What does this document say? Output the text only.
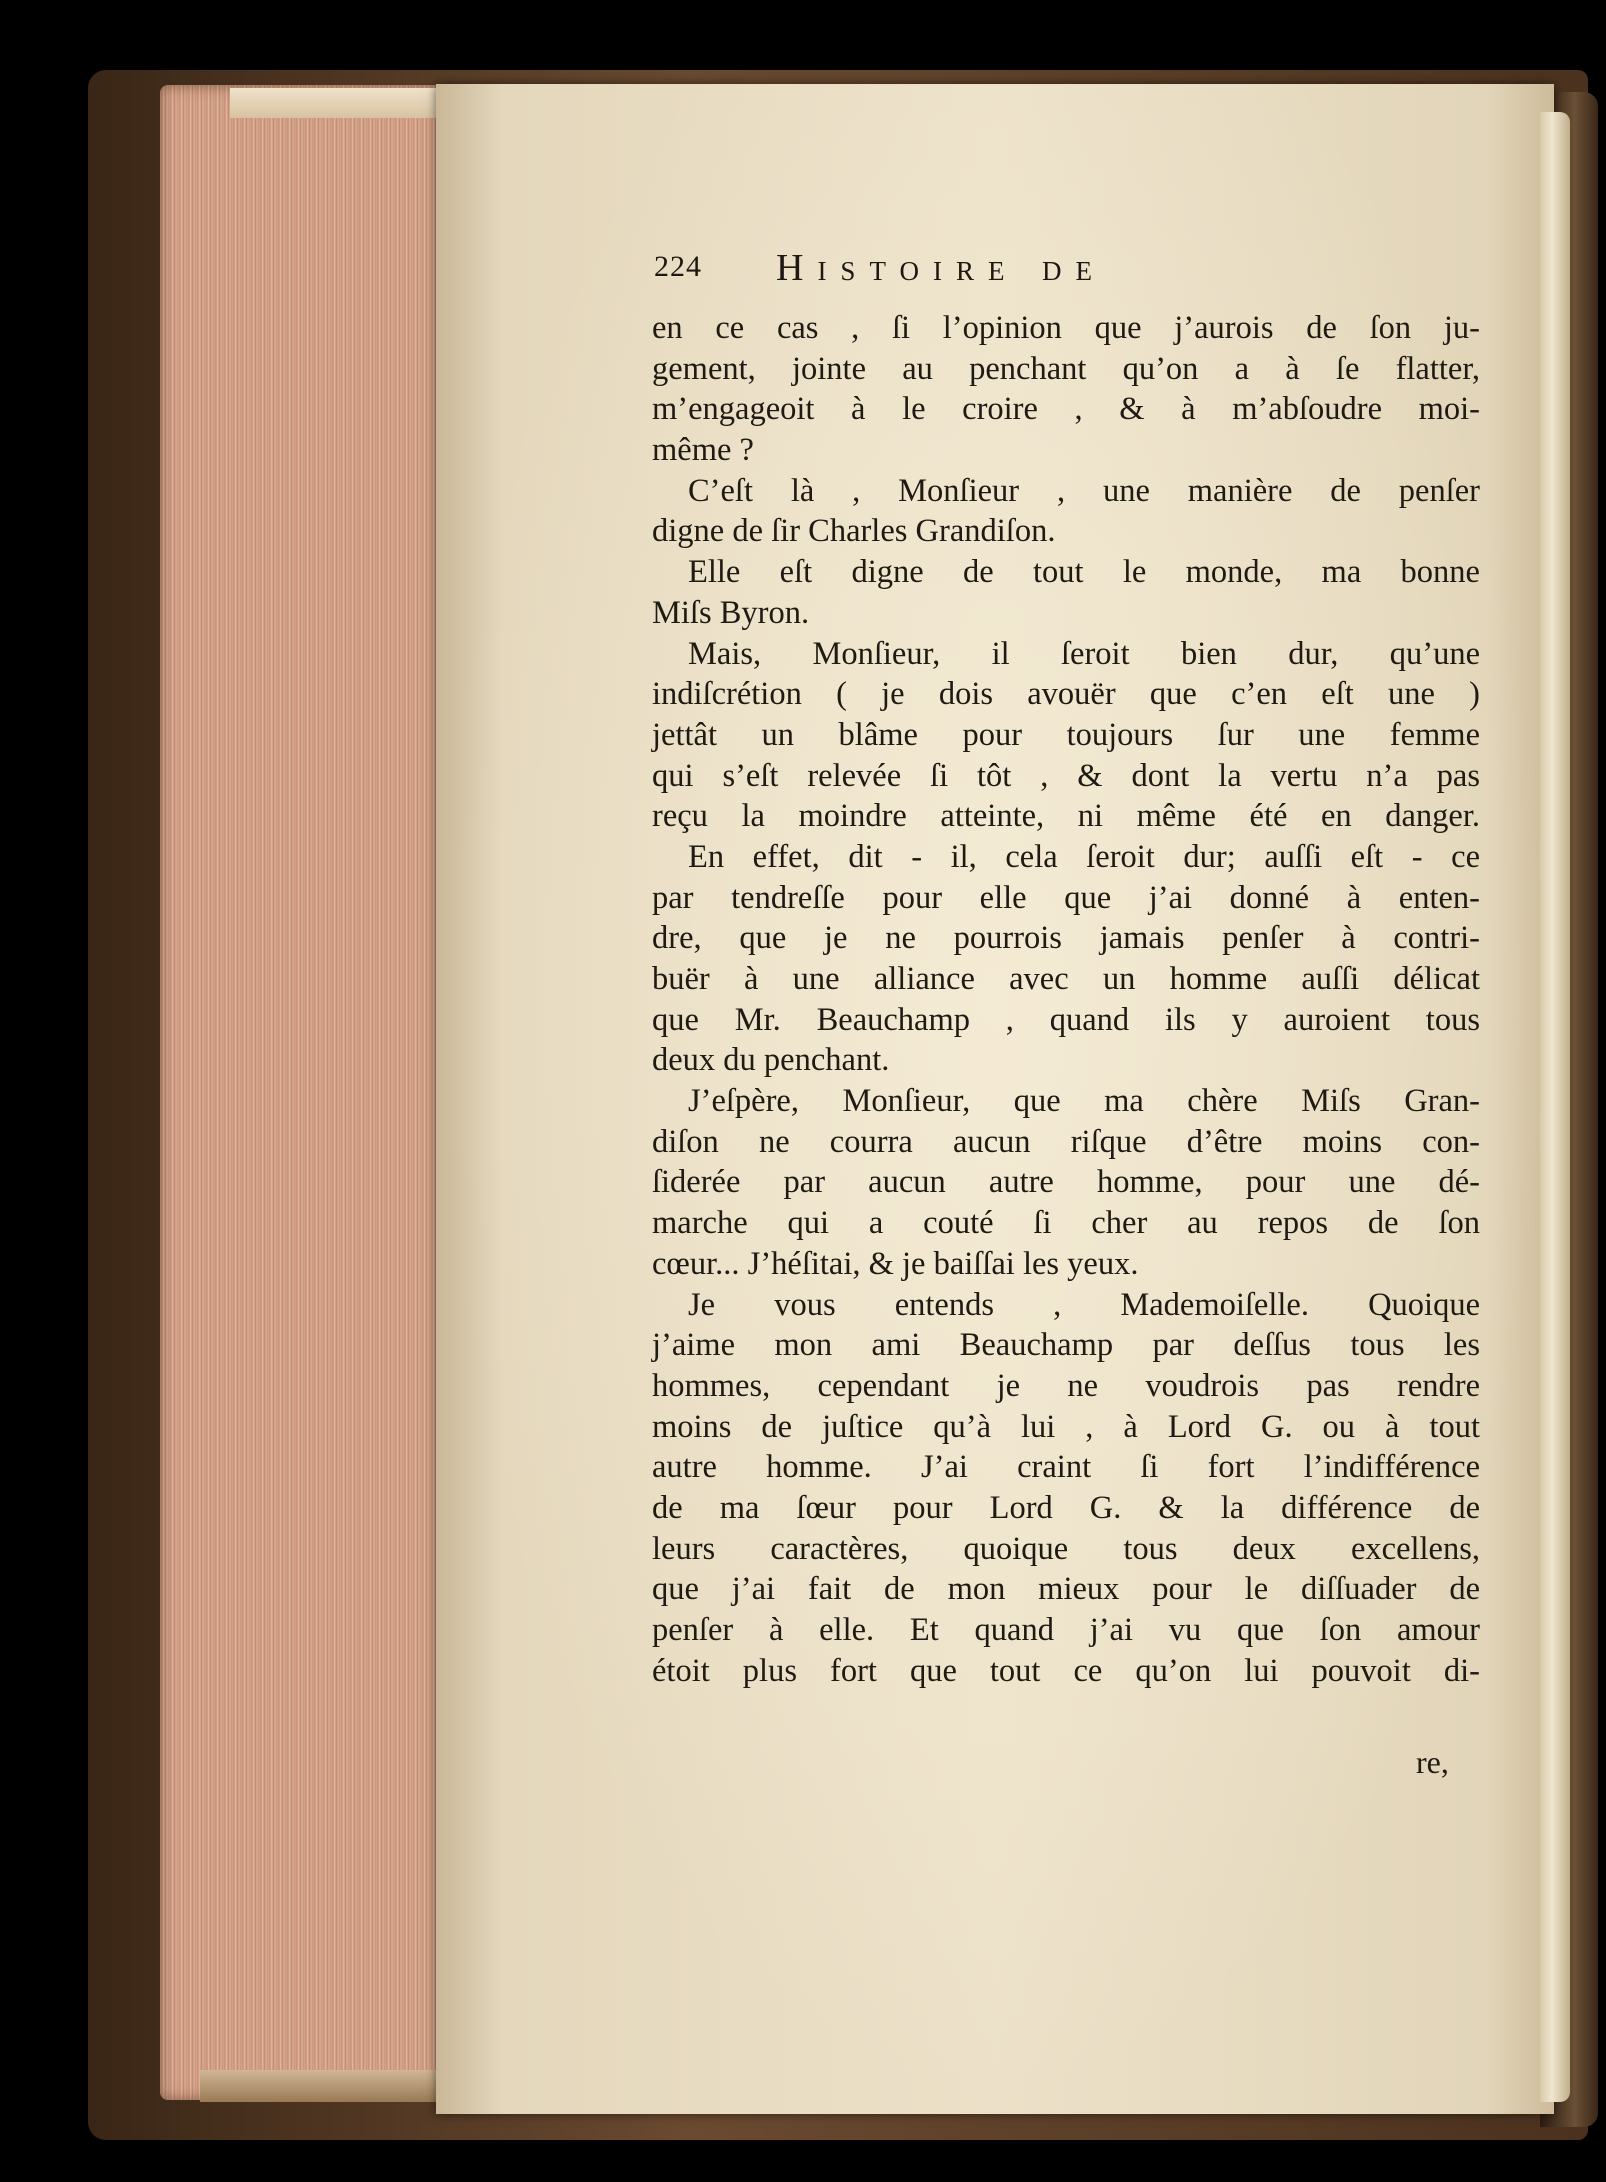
224 Histoire de
en ce cas , ſi l’opinion que j’aurois de ſon ju-
gement, jointe au penchant qu’on a à ſe flatter,
m’engageoit à le croire , & à m’abſoudre moi-
même ?
C’eſt là , Monſieur , une manière de penſer
digne de ſir Charles Grandiſon.
Elle eſt digne de tout le monde, ma bonne
Miſs Byron.
Mais, Monſieur, il ſeroit bien dur, qu’une
indiſcrétion ( je dois avouër que c’en eſt une )
jettât un blâme pour toujours ſur une femme
qui s’eſt relevée ſi tôt , & dont la vertu n’a pas
reçu la moindre atteinte, ni même été en danger.
En effet, dit - il, cela ſeroit dur; auſſi eſt - ce
par tendreſſe pour elle que j’ai donné à enten-
dre, que je ne pourrois jamais penſer à contri-
buër à une alliance avec un homme auſſi délicat
que Mr. Beauchamp , quand ils y auroient tous
deux du penchant.
J’eſpère, Monſieur, que ma chère Miſs Gran-
diſon ne courra aucun riſque d’être moins con-
ſiderée par aucun autre homme, pour une dé-
marche qui a couté ſi cher au repos de ſon
cœur... J’héſitai, & je baiſſai les yeux.
Je vous entends , Mademoiſelle. Quoique
j’aime mon ami Beauchamp par deſſus tous les
hommes, cependant je ne voudrois pas rendre
moins de juſtice qu’à lui , à Lord G. ou à tout
autre homme. J’ai craint ſi fort l’indifférence
de ma ſœur pour Lord G. & la différence de
leurs caractères, quoique tous deux excellens,
que j’ai fait de mon mieux pour le diſſuader de
penſer à elle. Et quand j’ai vu que ſon amour
étoit plus fort que tout ce qu’on lui pouvoit di-
re,
